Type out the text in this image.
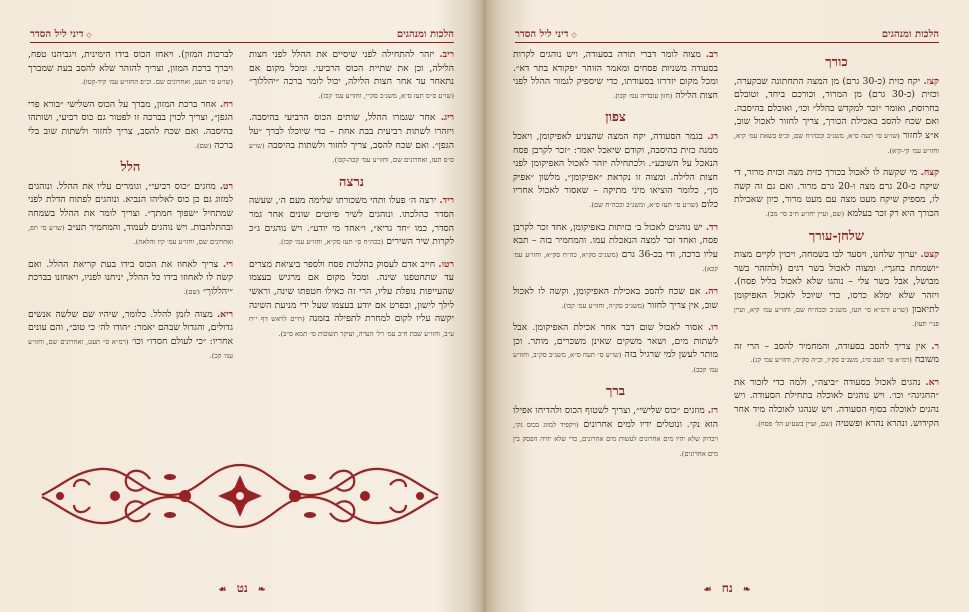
הלכות ומנהגים
◇דיני ליל הסדר

ריב. יזהר להתחילה לפני שיסיים את ההלל לפני חצות הלילה, וכן את שתיית הכוס הרביעי. ומכל מקום אם נתאחר עד אחר חצות הלילה, יכול לומר ברכה ״יהללוך״ (שו״ע ס״ס תעז ס״א, משנ״ב סק״י, וחזו״ע עמ׳ קכז).

ריג. אחר שגמרו ההלל, שותים הכוס הרביעי בהיסבה. ויזהרו לשתות רביעית בבת אחת – כדי שיוכלו לברך ״על הגפן״. ואם שכח להסב, צריך לחזור ולשתות בהיסבה (שו״ע ס״ס תעז, ואחרונים שם, וחזו״ע עמ׳ קכה-קכו).

נרצה

ריד. ירצה ה׳ פעלו ותהי משכורתו שלימה מעם ה׳, שעשה הסדר כהלכתו. ונוהגים לשיר פיוטים שונים אחר גמר הסדר, כמו ״חד גדיא״, ו״אחד מי יודע״. ויש נוהגים ג״כ לקרות שיר השירים (ככה״ח ס״ תעז סק״א, וחזו״ע עמ׳ קכז).

רטו. חייב אדם לעסוק בהלכות פסח ולספר ביציאת מצרים עד שתחטפנו שינה. ומכל מקום אם מרגיש בעצמו שהעייפות נופלת עליו, הרי זה כאילו חטפתו שינה, וראשי לילך לישון, ובפרט אם יודע בעצמו שעל ידי מניעת השינה יקשה עליו לקום למחרת לתפילה בזמנה (חיים לראש דף י״ח ע״ב, וחזו״ע שבת ח״ב עמ׳ רל׳ הערה, ועיקר תשובות ס״ תמא ס״ב).

לברכות המזון). ויאחז הכוס בידו הימינית, ויגביהנו טפח, ויברך ברכת המזון, וצריך להזהר שלא להסב בעת שמברך (שו״ע ס״ תעט, ואחרונים שם. וכ״פ החזו״ע עמ׳ קיד-קטו).

רח. אחר ברכת המזון, מברך על הכוס השלישי ״בורא פרי הגפן״, וצריך לכוין בברכה זו לפטור גם כוס רביעי, ושותהו בהיסבה. ואם שכח להסב, צריך לחזור ולשתות שוב בלי ברכה (שם).

הלל

רט. מוזגים ״כוס רביעי״, וגומרים עליו את ההלל. ונוהגים למזוג גם כן כוס לאליהו הנביא. ונוהגים לפתוח הדלת לפני שמתחיל ״שפוך חמתך״. וצריך לומר את ההלל בשמחה ובהתלהבות. ויש נוהגים לעמוד, והמחמיר תע״ב (שו״ע ס״ תפ, ואחרונים שם, וחזו״ע עמ׳ קיז והלאה).

רי. צריך לאחוז את הכוס בידו בעת קריאת ההלל. ואם קשה לו לאחוזו בידו כל ההלל, יניחנו לפניו, ויאחזנו בברכת ״יהללוך״ (שם).

ריא. מצוה לזמן להלל. כלומר, שיהיו שם שלשה אנשים גדולים, והגדול שבהם יאמר: ״הודו לה׳ כי טוב״, והם עונים אחריו: ״כי לעולם חסדו״ וכו׳ (רמ״א ס״ תעט, ואחרונים שם, וחזו״ע עמ׳ קכ).

❧ נט ☙
הלכות ומנהגים
◇דיני ליל הסדר
כורך

קצז. יקח כזית (כ-30 גרם) מן המצה התחתונה שבקערה, וכזית (כ-30 גרם) מן המרור, וכורכם ביחד, וטובלם בחרוסת, ואומר ״זכר למקדש כהלל״ וכו׳, ואוכלם בהיסבה. ואם שכח להסב באכילת הכורך, צריך לחזור לאכול שוב, א״צ לחזור (שו״ע ס״ תעה ס״א, משנ״ב וככה״ח שם, וכ״פ בשאת עמ׳ קיא, וחזו״ע עמ׳ קי-קיא).

קצח. מי שקשה לו לאכול בכורך כזית מצה וכזית מרור, די שיקח כ-20 גרם מצה ו-20 גרם מרור. ואם גם זה קשה לו, מספיק שיקח מעט מצה עם מעט מרור, כיון שאכילת הכורך היא רק זכר בעלמא (שם, ועיין יחו״ע ח״ב סי׳ מב).

שלחן-עורך

קצט. יערוך שלחנו, ויסעד לבו בשמחה, ויכוין לקיים מצות ״ושמחת בחגך״. ומצוה לאכול בשר דגים (ולהזהר בשר מבושל, אבל בשר צלי – נוהגו שלא לאכול בליל פסח). ויזהר שלא ימלא כרסו, כדי שיוכל לאכול האפיקומן לתיאבון (שו״ע ורמ״א ס״ תעו, משנ״ב וככה״ח שם, וחזו״ע עמ׳ קיא, ועיין פנ״י תעו).

ר. אין צריך להסב בסעודה, והמחמיר להסב – הרי זה משובח (רמ״א ס״ תעב ס״ג, משנ״ב סק״ו, וכ״ה סק״ה, וחזו״ע עמ׳ קנ).

רא. נהגים לאכול בסעודה ״ביצה״, ולמה כדי לזכור את ״החגיגה״ וכו׳. ויש נוהגים לאוכלה בתחילת הסעודה. ויש נהגים לאוכלה בסוף הסעודה. ויש שנהגו לאוכלה מיד אחר הקידוש. ונהרא נהרא ופשטיה (שם, ועיין בשע״ע הל׳ פסח).

רב. מצוה לומר דברי תורה בסעודה, ויש נוהגים לקרות בסעודה משניות פסחים ומאמר הזוהר ״פקודא בתר דא״. ומכל מקום יזדרזו בסעודתו, כדי שיספיק לגמור ההלל לפני חצות הלילה (חזון עובדיה עמ׳ קכו).

צפון

רג. בגמר הסעודה, יקח המצה שהצניע לאפיקומן, ויאכל ממנה כזית בהיסבה, וקודם שיאכל יאמר: ״זכר לקרבן פסח הנאכל על השובע״. ולכתחילה יזהר לאכול האפיקומן לפני חצות הלילה. ומצוה זו נקראת ״אפיקומן״, מלשון ״אפיק מן״, כלומר הוציאו מיני מתיקה – שאסור לאכול אחריו כלום (שו״ע ס״ תעז ס״א, ומשנ״ב וככה״ח שם).

רד. יש נוהגים לאכול ב׳ כזיתות באפיקומן, אחד זכר לקרבן פסח, ואחד זכר למצה הנאכלת עמו. והמחמיר בזה – תבא עליו ברכה, ודי בכ-36 גרם (משנ״ב סק״א, כה״ח סק״א, וחזו״ע עמ׳ קכא).

רה. אם שכח להסב באכילת האפיקומן, וקשה לו לאכול שוב, אין צריך לחזור (משנ״ב סק״ה, וחזו״ע עמ׳ קכו).

רו. אסור לאכול שום דבר אחר אכילת האפיקומן. אבל לשתות מים, ושאר משקים שאינן משכרים, מותר. וכן מותר לעשן למי שרגיל בזה (שו״ע ס״ תעח ס״א, משנ״ב סק״ב, וחזו״ע עמ׳ קכב).

ברך

רז. מוזגים ״כוס שלישי״, וצריך לשטוף הכוס ולהדיחו אפילו הוא נקי. ונוטלים ידיו למים אחרונים (ויקפיד למזוג בכוס נקי, ויבדוק שלא יהיו מים אחרונים לעשות מים אחרונים, כדי שלא יהיה הפסק בין מים אחרונים).

❧ נח ☙
